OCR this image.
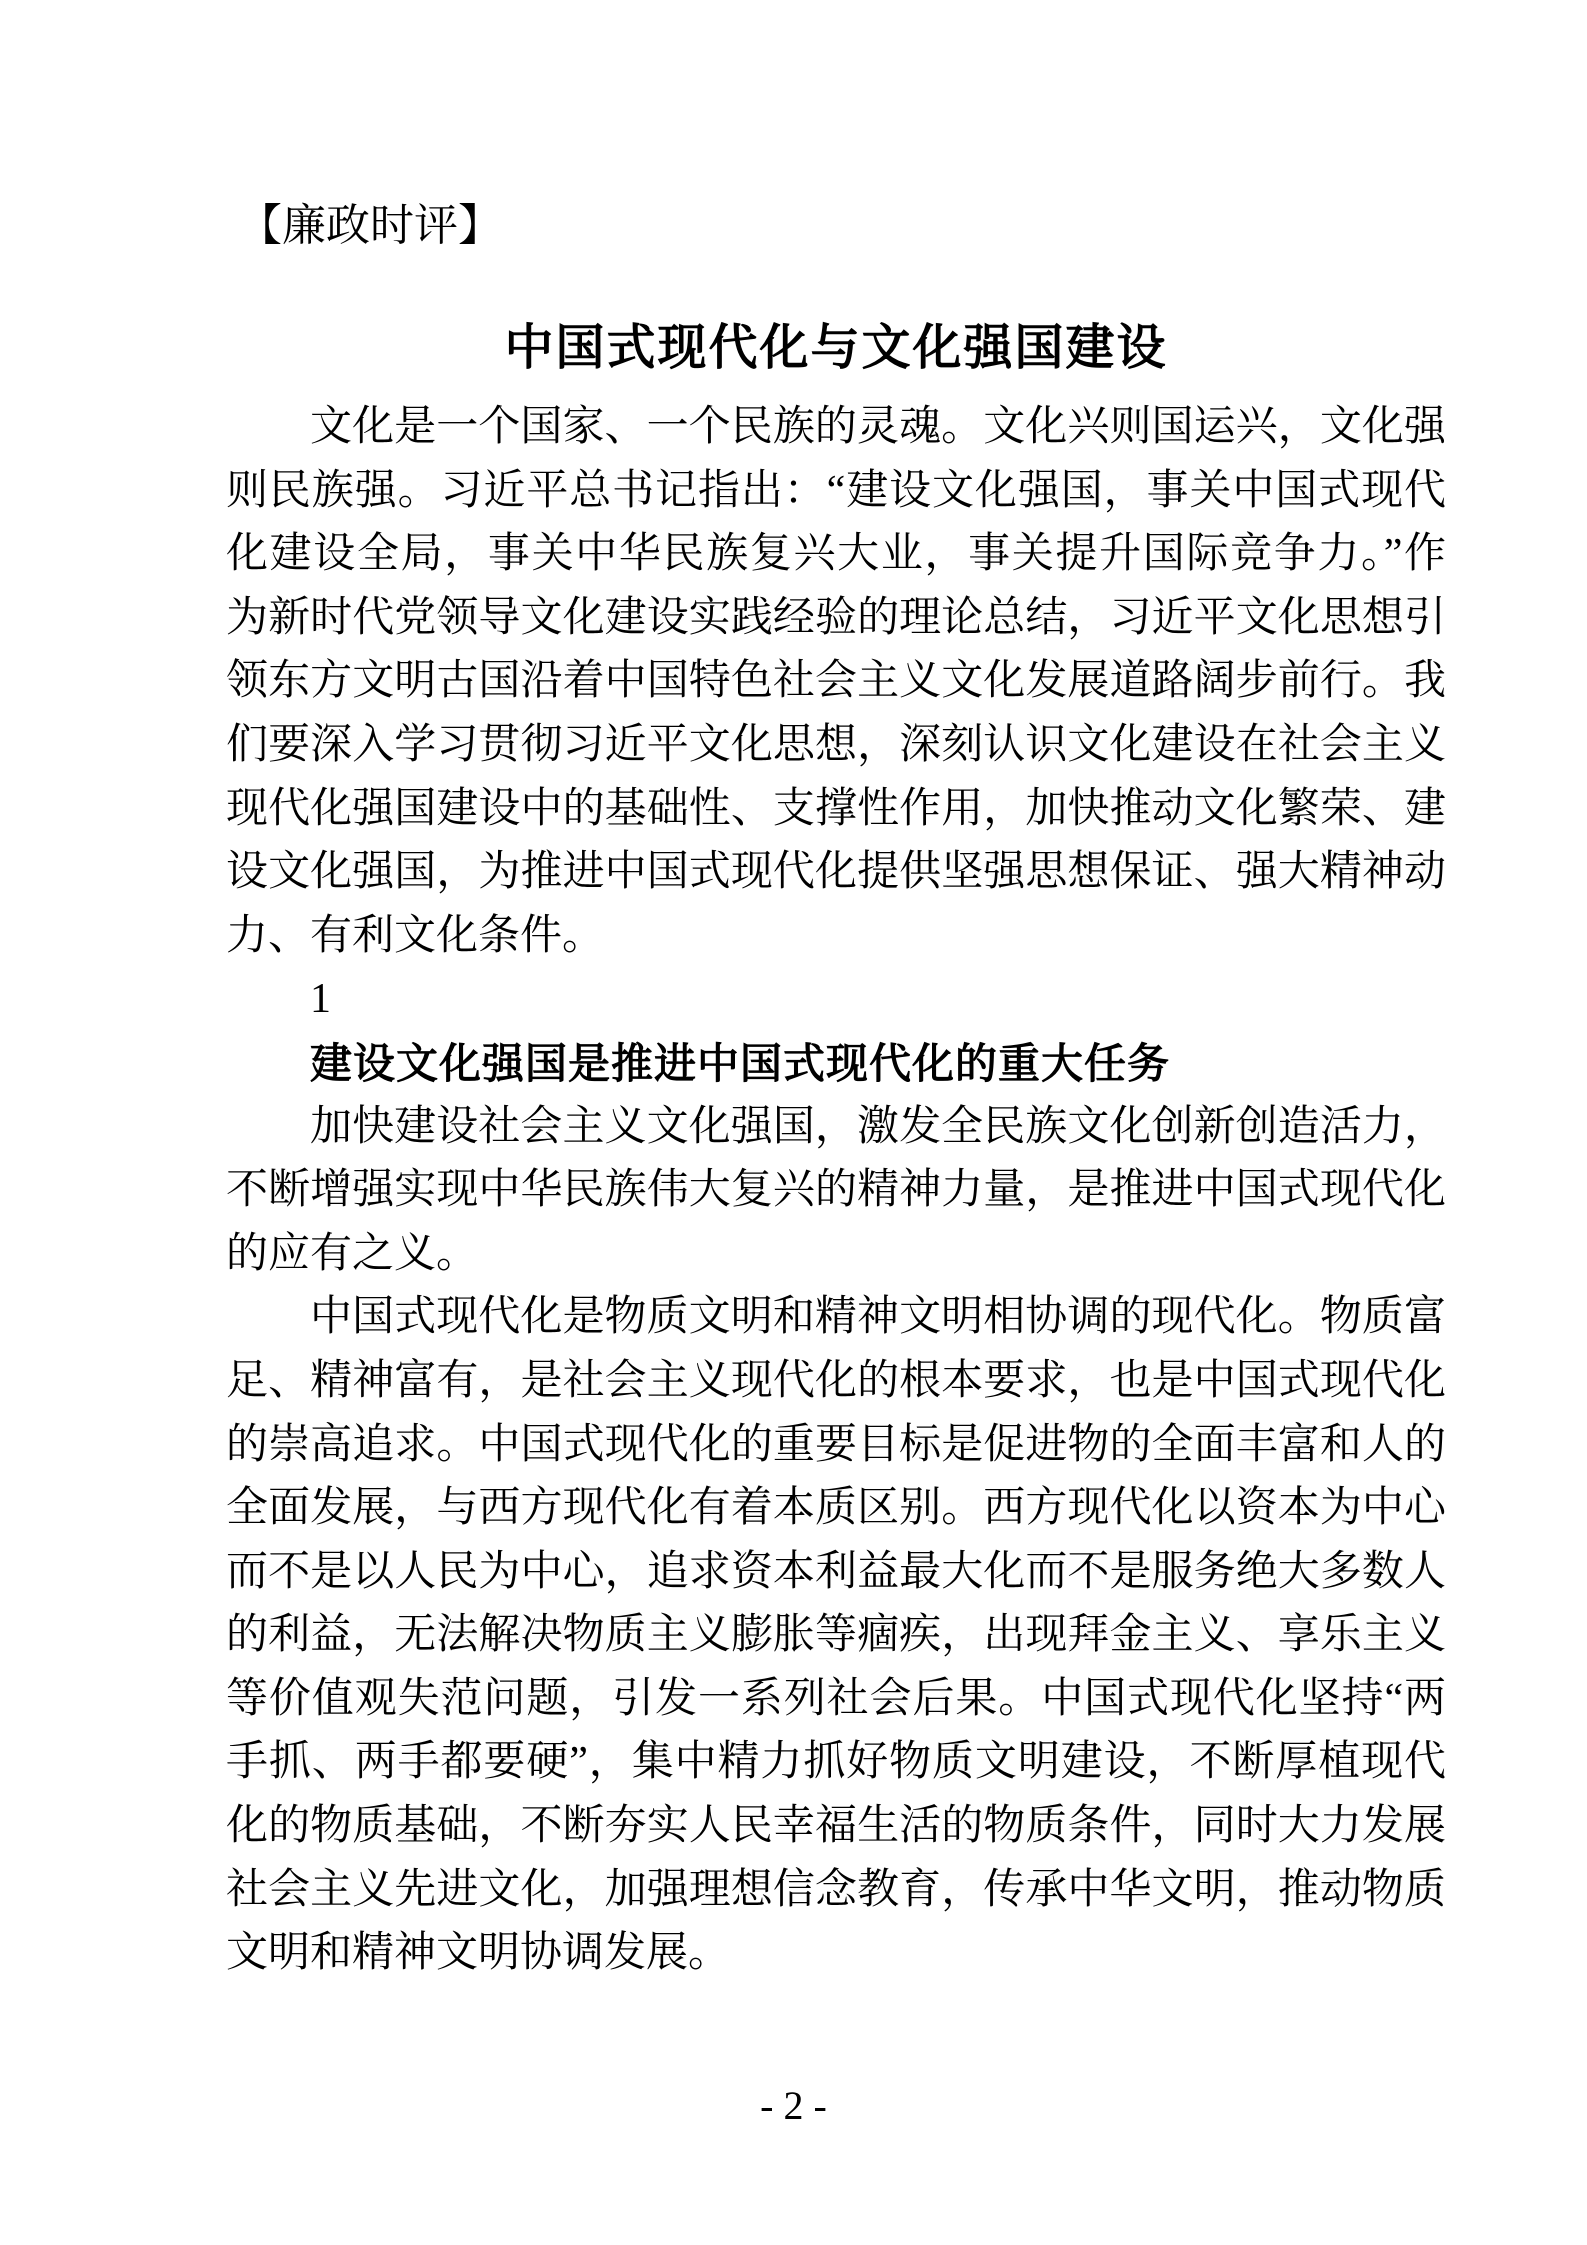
【廉政时评】
中国式现代化与文化强国建设
文化是一个国家、一个民族的灵魂。文化兴则国运兴，文化强
则民族强。习近平总书记指出：“建设文化强国，事关中国式现代
化建设全局，事关中华民族复兴大业，事关提升国际竞争力。”作
为新时代党领导文化建设实践经验的理论总结，习近平文化思想引
领东方文明古国沿着中国特色社会主义文化发展道路阔步前行。我
们要深入学习贯彻习近平文化思想，深刻认识文化建设在社会主义
现代化强国建设中的基础性、支撑性作用，加快推动文化繁荣、建
设文化强国，为推进中国式现代化提供坚强思想保证、强大精神动
力、有利文化条件。
1
建设文化强国是推进中国式现代化的重大任务
加快建设社会主义文化强国，激发全民族文化创新创造活力，
不断增强实现中华民族伟大复兴的精神力量，是推进中国式现代化
的应有之义。
中国式现代化是物质文明和精神文明相协调的现代化。物质富
足、精神富有，是社会主义现代化的根本要求，也是中国式现代化
的崇高追求。中国式现代化的重要目标是促进物的全面丰富和人的
全面发展，与西方现代化有着本质区别。西方现代化以资本为中心
而不是以人民为中心，追求资本利益最大化而不是服务绝大多数人
的利益，无法解决物质主义膨胀等痼疾，出现拜金主义、享乐主义
等价值观失范问题，引发一系列社会后果。中国式现代化坚持“两
手抓、两手都要硬”，集中精力抓好物质文明建设，不断厚植现代
化的物质基础，不断夯实人民幸福生活的物质条件，同时大力发展
社会主义先进文化，加强理想信念教育，传承中华文明，推动物质
文明和精神文明协调发展。
- 2 -
